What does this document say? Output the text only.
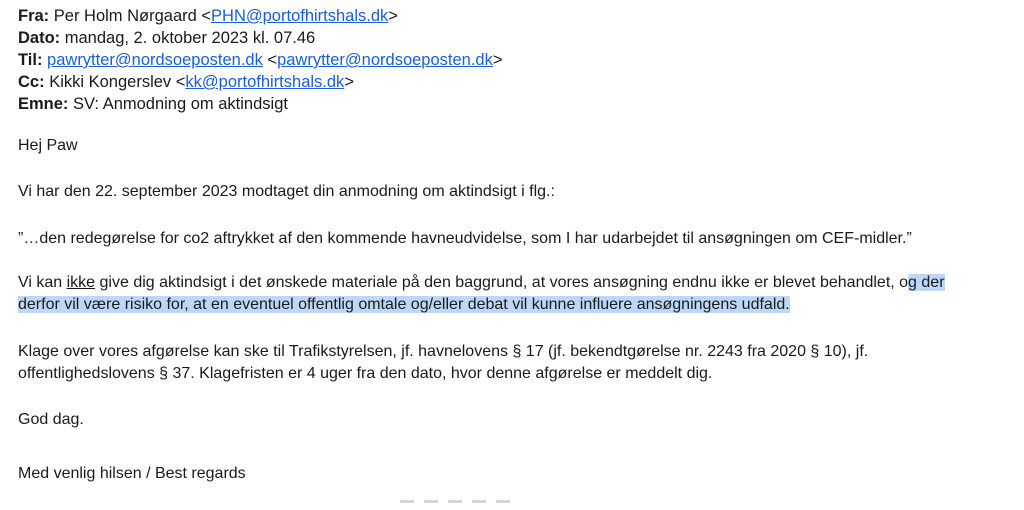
Fra: Per Holm Nørgaard <PHN@portofhirtshals.dk>
Dato: mandag, 2. oktober 2023 kl. 07.46
Til: pawrytter@nordsoeposten.dk <pawrytter@nordsoeposten.dk>
Cc: Kikki Kongerslev <kk@portofhirtshals.dk>
Emne: SV: Anmodning om aktindsigt
Hej Paw
Vi har den 22. september 2023 modtaget din anmodning om aktindsigt i flg.:
”…den redegørelse for co2 aftrykket af den kommende havneudvidelse, som I har udarbejdet til ansøgningen om CEF-midler.”
Vi kan ikke give dig aktindsigt i det ønskede materiale på den baggrund, at vores ansøgning endnu ikke er blevet behandlet, og der
derfor vil være risiko for, at en eventuel offentlig omtale og/eller debat vil kunne influere ansøgningens udfald.
Klage over vores afgørelse kan ske til Trafikstyrelsen, jf. havnelovens § 17 (jf. bekendtgørelse nr. 2243 fra 2020 § 10), jf.
offentlighedslovens § 37. Klagefristen er 4 uger fra den dato, hvor denne afgørelse er meddelt dig.
God dag.
Med venlig hilsen / Best regards
